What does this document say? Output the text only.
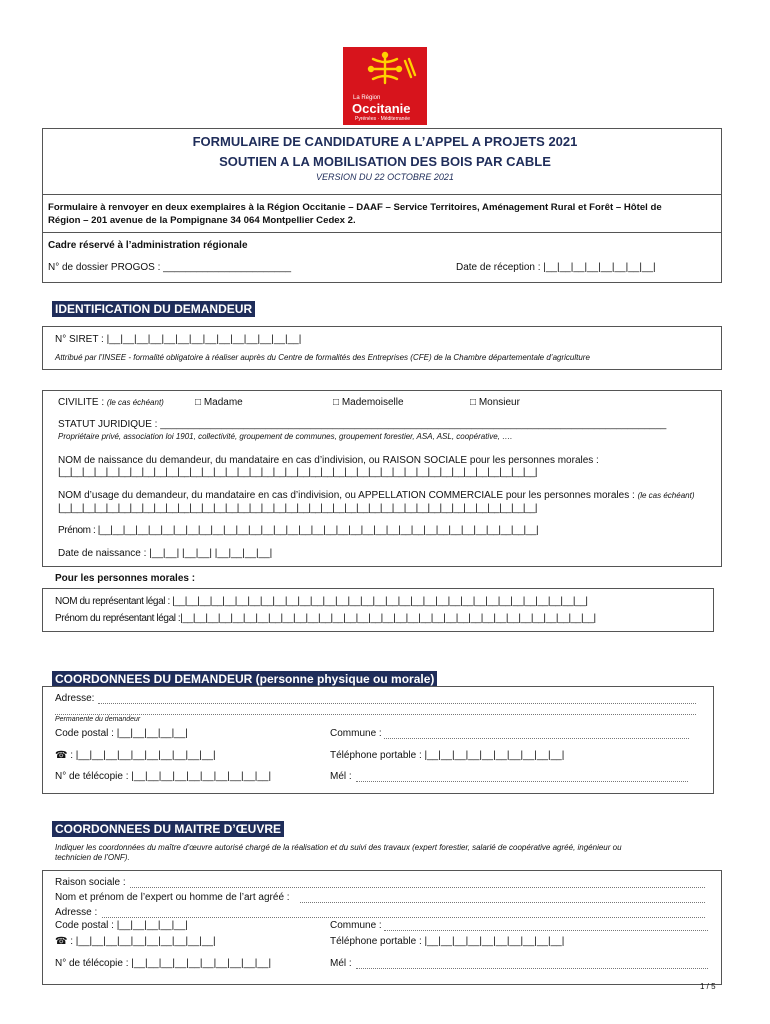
La Région
Occitanie
Pyrénées · Méditerranée
FORMULAIRE DE CANDIDATURE A L’APPEL A PROJETS 2021
SOUTIEN A LA MOBILISATION DES BOIS PAR CABLE
VERSION DU 22 OCTOBRE 2021
Formulaire à renvoyer en deux exemplaires à la Région Occitanie – DAAF – Service Territoires, Aménagement Rural et Forêt – Hôtel de
Région – 201 avenue de la Pompignane 34 064 Montpellier Cedex 2.
Cadre réservé à l’administration régionale
N° de dossier PROGOS : _______________________	Date de réception : |__|__|__|__|__|__|__|__|
IDENTIFICATION DU DEMANDEUR
N° SIRET : |__|__|__|__|__|__|__|__|__|__|__|__|__|__|
Attribué par l’INSEE - formalité obligatoire à réaliser auprès du Centre de formalités des Entreprises (CFE) de la Chambre départementale d’agriculture
CIVILITE : (le cas échéant)	□ Madame	□ Mademoiselle	□ Monsieur
STATUT JURIDIQUE : ___________________________________________________________________________________________
Propriétaire privé, association loi 1901, collectivité, groupement de communes, groupement forestier, ASA, ASL, coopérative, ….
NOM de naissance du demandeur, du mandataire en cas d’indivision, ou RAISON SOCIALE pour les personnes morales :
|__|__|__|__|__|__|__|__|__|__|__|__|__|__|__|__|__|__|__|__|__|__|__|__|__|__|__|__|__|__|__|__|__|__|__|__|__|__|__|__|
NOM d’usage du demandeur, du mandataire en cas d’indivision, ou APPELLATION COMMERCIALE pour les personnes morales : (le cas échéant)
|__|__|__|__|__|__|__|__|__|__|__|__|__|__|__|__|__|__|__|__|__|__|__|__|__|__|__|__|__|__|__|__|__|__|__|__|__|__|__|__|
Prénom : |__|__|__|__|__|__|__|__|__|__|__|__|__|__|__|__|__|__|__|__|__|__|__|__|__|__|__|__|__|__|__|__|__|__|__|
Date de naissance : |__|__| |__|__| |__|__|__|__|
Pour les personnes morales :
NOM du représentant légal : |__|__|__|__|__|__|__|__|__|__|__|__|__|__|__|__|__|__|__|__|__|__|__|__|__|__|__|__|__|__|__|__|__|
Prénom du représentant légal :|__|__|__|__|__|__|__|__|__|__|__|__|__|__|__|__|__|__|__|__|__|__|__|__|__|__|__|__|__|__|__|__|__|
COORDONNEES DU DEMANDEUR (personne physique ou morale)
Adresse:
Permanente du demandeur
Code postal : |__|__|__|__|__|	Commune :
☎ : |__|__|__|__|__|__|__|__|__|__|	Téléphone portable : |__|__|__|__|__|__|__|__|__|__|
N° de télécopie : |__|__|__|__|__|__|__|__|__|__|	Mél :
COORDONNEES DU MAITRE D’ŒUVRE
Indiquer les coordonnées du maître d’œuvre autorisé chargé de la réalisation et du suivi des travaux (expert forestier, salarié de coopérative agréé, ingénieur ou
technicien de l’ONF).
Raison sociale :
Nom et prénom de l’expert ou homme de l’art agréé :
Adresse :
Code postal : |__|__|__|__|__|	Commune :
☎ : |__|__|__|__|__|__|__|__|__|__|	Téléphone portable : |__|__|__|__|__|__|__|__|__|__|
N° de télécopie : |__|__|__|__|__|__|__|__|__|__|	Mél :
1 / 5
